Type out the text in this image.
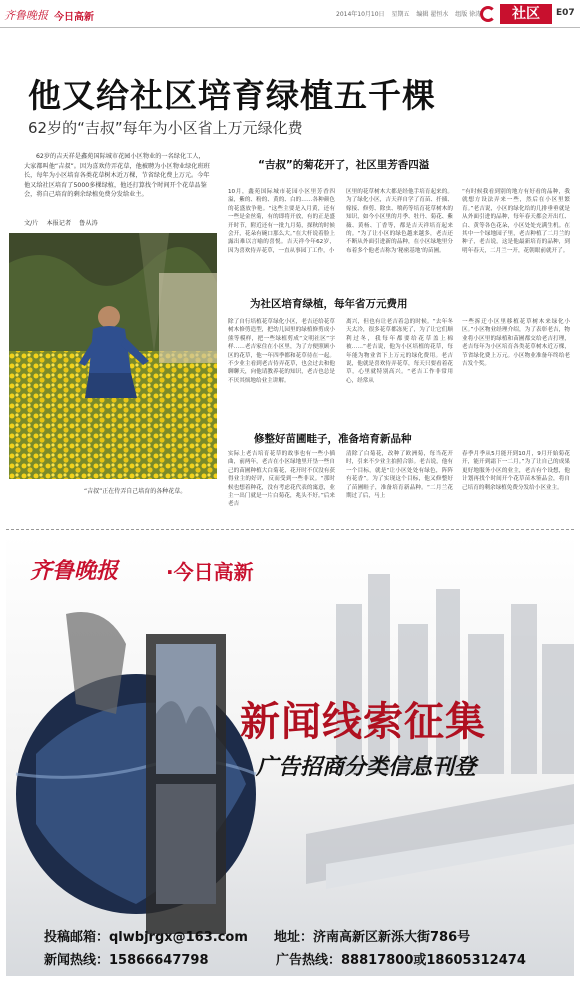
齐鲁晚报 今日高新	2014年10月10日 星期五 编辑 翟恒水 组版 徐涛	社区	E07
他又给社区培育绿植五千棵
62岁的“吉叔”每年为小区省上万元绿化费

62岁的吉天祥是鑫苑国际城市花园小区物业的一名绿化工人，大家都叫他“吉叔”。因为喜欢侍弄花草，他被聘为小区物业绿化班班长，每年为小区培育各类花草树木近万棵，节省绿化费上万元。今年他又给社区培育了5000多棵绿植，他还打算找个时间开个花草品鉴会，将自己培育的剩余绿植免费分发给业主。

文/片 本报记者 鲁从涛
“吉叔”正在侍弄自己培育的各种花草。
“吉叔”的菊花开了，社区里芳香四溢

10月，鑫苑国际城市花园小区里芳香四溢，紫的、粉的、黄的、白的……各种颜色的花盛放争艳。“这些主要是入月黄，还有一些是金丝菊，有的即将开放，有的正是盛开时节，附近还有一批九月菊，探秋的时候会开，花朵有碗口那么大。”在大杆说着脸上露出难以言喻的喜悦。吉天祥今年62岁，因为喜欢侍弄花草，一直从事园丁工作，小

区里的花草树木大都是经他手培育起来的。为了绿化小区，吉天祥自学了育苗、扦插、嫁接、修剪、除虫、喷药等培育花草树木的知识，如今小区里的月季、牡丹、菊花、紫薇、黄杨、丁香等，都是吉天祥培育起来的。“为了让小区的绿色越来越多，老吉还不断从外面引进新的品种，在小区绿地里分布着多个他老吉称为‘秘密基地’的苗圃。

“有时候我看到别的地方有好看的品种，我就想方设法弄来一些，然后在小区里繁育。”老吉说，小区的绿化给的几排垂垂就是从外面引进的品种，每年春天都会开出红、白、黄等各色花朵，小区处处充满生机。在其中一个绿地园子里，老吉种植了二月兰的种子，老吉说，这是他最新培育的品种，到明年春天，二月兰一开，花朝眼前就开了。

为社区培育绿植，每年省万元费用

除了自行培植花草绿化小区，老吉还给花草树木修剪造型，把幼儿园里的绿植修剪成小熊等模样，把一些绿植剪成“文明社区”字样……老吉家住在小区里，为了方便照顾小区的花草，他一年四季都和花草待在一起。不少业主看到老吉侍弄花草，也会过去和他聊聊天，向他请教养花的知识，老吉也总是不厌其烦地给业主讲解。

离兴，但也有让老吉着急的时候。“去年冬天太冷，很多花草都冻死了，为了让它们顺利过冬，我每年都要给花草盖上棉被……”老吉说，他为小区培植的花草，每年能为物业省下上万元的绿化费用。老吉说，他就是喜欢侍弄花草，每天只要看着花草，心里就特别高兴。“老吉工作非常用心，经常从

一些拆迁小区里移植花草树木来绿化小区。”小区物业经理介绍，为了表彰老吉，物业将小区里的绿植和苗圃都交给老吉打理，老吉每年为小区培育各类花草树木近万棵，节省绿化费上万元。小区物业准备年终给老吉发个奖。

修整好苗圃畦子，准备培育新品种

实际上老吉培育花草的故事也有一些小插曲，前两年，老吉在小区绿地里开垦一些自己的苗圃种植大白菊花，花开时不仅没有获得业主的好评，反而受到一些非议。“那时候也想着种花，没有考虑花代表的寓意，业主一出门就是一片白菊花，兆头不好。”后来老吉

清除了白菊花，改种了欧洲菊，每当花开时，引来不少业主拍照合影。老吉说，他有一个目标，就是“让小区处处有绿色，阵阵有花香”。为了实现这个目标，他又修整好了苗圃畦子，准备培育新品种。“二月兰花期过了后，马上

春季月季从5月能开到10月，9月开始菊花开，能开到霜下一二月。”为了让自己的成果更好地服务小区的业主，老吉有个设想，他计划再找个时间开个花草苗木鉴品会，将自己培育的剩余绿植免费分发给小区业主。

齐鲁晚报 ·今日高新
新闻线索征集
广告招商分类信息刊登
投稿邮箱：qlwbjrgx@163.com
新闻热线：15866647798
地址：济南高新区新泺大街786号
广告热线：88817800或18605312474
